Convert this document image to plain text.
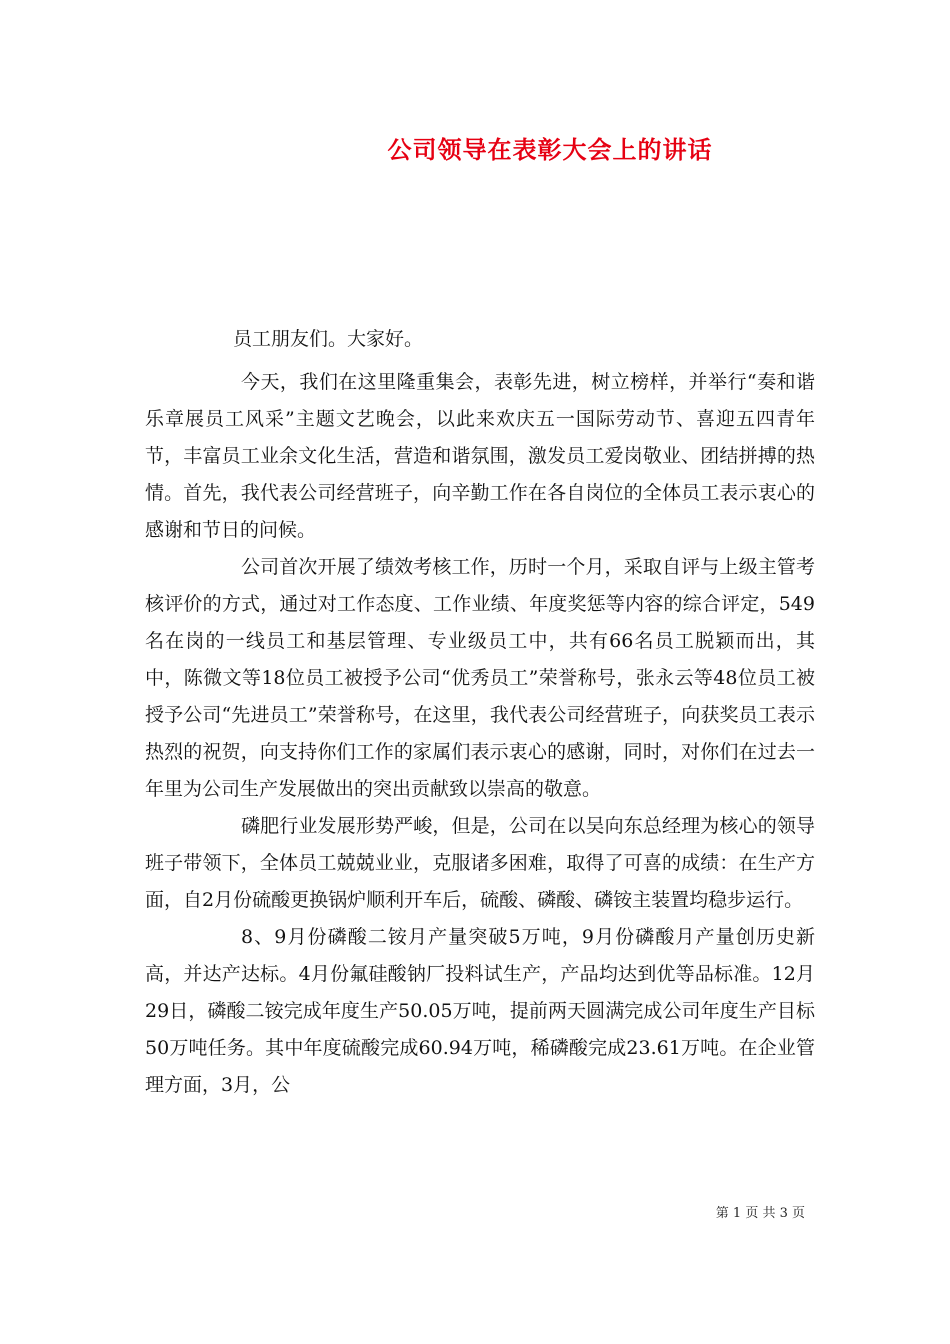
公司领导在表彰大会上的讲话
员工朋友们。大家好。

今天，我们在这里隆重集会，表彰先进，树立榜样，并举行“奏和谐乐章展员工风采”主题文艺晚会，以此来欢庆五一国际劳动节、喜迎五四青年节，丰富员工业余文化生活，营造和谐氛围，激发员工爱岗敬业、团结拼搏的热情。首先，我代表公司经营班子，向辛勤工作在各自岗位的全体员工表示衷心的感谢和节日的问候。

公司首次开展了绩效考核工作，历时一个月，采取自评与上级主管考核评价的方式，通过对工作态度、工作业绩、年度奖惩等内容的综合评定，549名在岗的一线员工和基层管理、专业级员工中，共有66名员工脱颖而出，其中，陈微文等18位员工被授予公司“优秀员工”荣誉称号，张永云等48位员工被授予公司“先进员工”荣誉称号，在这里，我代表公司经营班子，向获奖员工表示热烈的祝贺，向支持你们工作的家属们表示衷心的感谢，同时，对你们在过去一年里为公司生产发展做出的突出贡献致以崇高的敬意。

磷肥行业发展形势严峻，但是，公司在以吴向东总经理为核心的领导班子带领下，全体员工兢兢业业，克服诸多困难，取得了可喜的成绩：在生产方面，自2月份硫酸更换锅炉顺利开车后，硫酸、磷酸、磷铵主装置均稳步运行。

8、9月份磷酸二铵月产量突破5万吨，9月份磷酸月产量创历史新高，并达产达标。4月份氟硅酸钠厂投料试生产，产品均达到优等品标准。12月29日，磷酸二铵完成年度生产50.05万吨，提前两天圆满完成公司年度生产目标50万吨任务。其中年度硫酸完成60.94万吨，稀磷酸完成23.61万吨。在企业管理方面，3月，公

第 1 页 共 3 页
